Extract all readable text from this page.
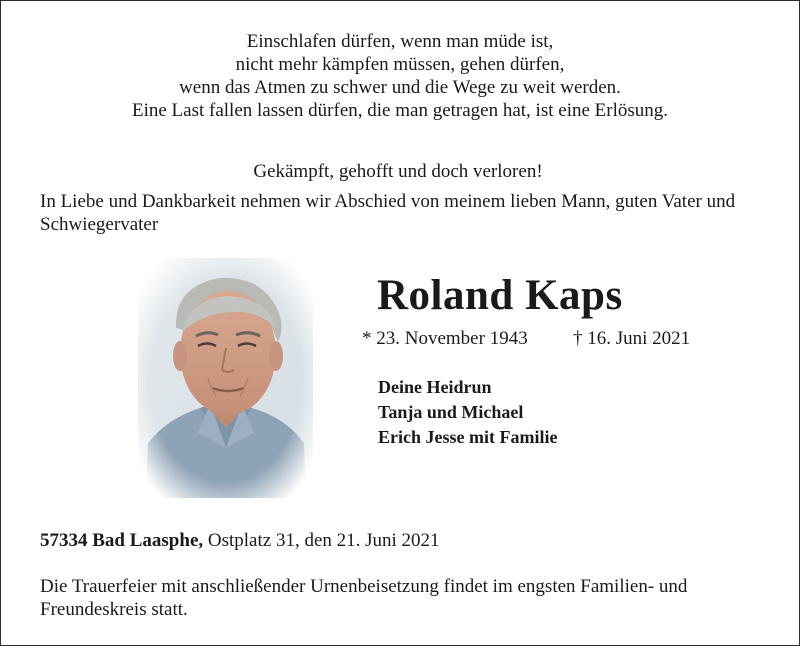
Einschlafen dürfen, wenn man müde ist,
nicht mehr kämpfen müssen, gehen dürfen,
wenn das Atmen zu schwer und die Wege zu weit werden.
Eine Last fallen lassen dürfen, die man getragen hat, ist eine Erlösung.
Gekämpft, gehofft und doch verloren!
In Liebe und Dankbarkeit nehmen wir Abschied von meinem lieben Mann, guten Vater und Schwiegervater
Roland Kaps
* 23. November 1943 † 16. Juni 2021
Deine Heidrun
Tanja und Michael
Erich Jesse mit Familie
57334 Bad Laasphe, Ostplatz 31, den 21. Juni 2021
Die Trauerfeier mit anschließender Urnenbeisetzung findet im engsten Familien- und Freundeskreis statt.
